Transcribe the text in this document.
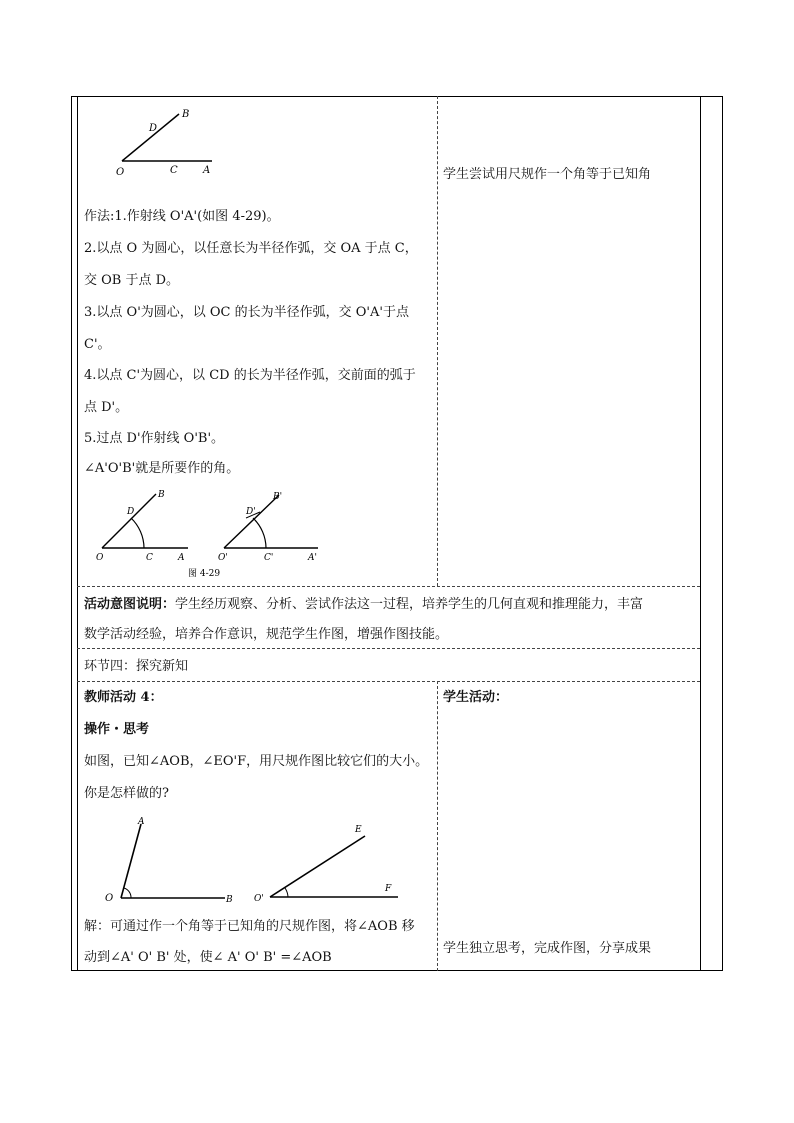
B
D
O	C	A
作法:1.作射线 O'A'(如图 4-29)。
2.以点 O 为圆心，以任意长为半径作弧，交 OA 于点 C，
交 OB 于点 D。
3.以点 O'为圆心，以 OC 的长为半径作弧，交 O'A'于点
C'。
4.以点 C'为圆心，以 CD 的长为半径作弧，交前面的弧于
点 D'。
5.过点 D'作射线 O'B'。
∠A'O'B'就是所要作的角。
B
D
O	C	A
B'
D'
O'	C'	A'
图 4-29
学生尝试用尺规作一个角等于已知角
活动意图说明：学生经历观察、分析、尝试作法这一过程，培养学生的几何直观和推理能力，丰富
数学活动经验，培养合作意识，规范学生作图，增强作图技能。
环节四：探究新知
教师活动 4：
操作・思考
如图，已知∠AOB，∠EO'F，用尺规作图比较它们的大小。
你是怎样做的?
A
O	B
E
O'
F
解：可通过作一个角等于已知角的尺规作图，将∠AOB 移
动到∠A' O' B' 处，使∠ A' O' B' =∠AOB
学生活动：
学生独立思考，完成作图，分享成果
